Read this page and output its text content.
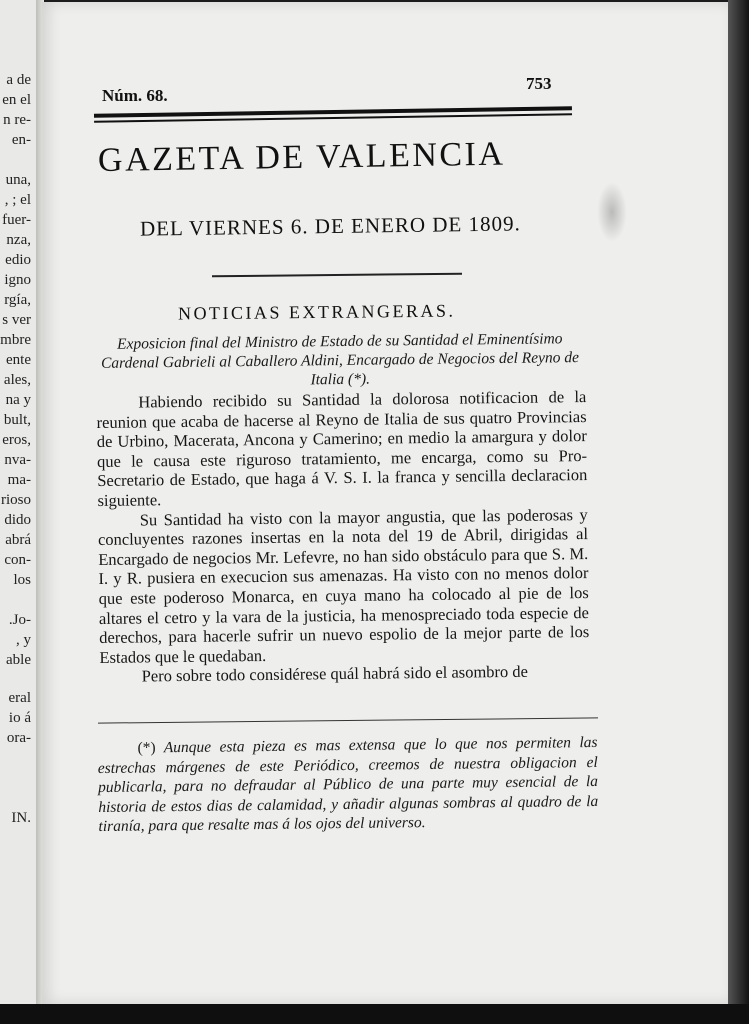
a de
en el
n re-
en-
una,
, ; el
fuer-
nza,
edio
igno
rgía,
s ver
mbre
ente
ales,
na y
bult,
eros,
nva-
ma-
rioso
dido
abrá
con-
los
.Jo-
, y
able
eral
io á
ora-
IN.
Núm. 68.
753
GAZETA DE VALENCIA
DEL VIERNES 6. DE ENERO DE 1809.
NOTICIAS EXTRANGERAS.
Exposicion final del Ministro de Estado de su Santidad el Eminentísimo Cardenal Gabrieli al Caballero Aldini, Encargado de Negocios del Reyno de Italia (*).

Habiendo recibido su Santidad la dolorosa notificacion de la reunion que acaba de hacerse al Reyno de Italia de sus quatro Provincias de Urbino, Macerata, Ancona y Camerino; en medio la amargura y dolor que le causa este riguroso tratamiento, me encarga, como su Pro-Secretario de Estado, que haga á V. S. I. la franca y sencilla declaracion siguiente.

Su Santidad ha visto con la mayor angustia, que las poderosas y concluyentes razones insertas en la nota del 19 de Abril, dirigidas al Encargado de negocios Mr. Lefevre, no han sido obstáculo para que S. M. I. y R. pusiera en execucion sus amenazas. Ha visto con no menos dolor que este poderoso Monarca, en cuya mano ha colocado al pie de los altares el cetro y la vara de la justicia, ha menospreciado toda especie de derechos, para hacerle sufrir un nuevo espolio de la mejor parte de los Estados que le quedaban.

Pero sobre todo considérese quál habrá sido el asombro de

(*) Aunque esta pieza es mas extensa que lo que nos permiten las estrechas márgenes de este Periódico, creemos de nuestra obligacion el publicarla, para no defraudar al Público de una parte muy esencial de la historia de estos dias de calamidad, y añadir algunas sombras al quadro de la tiranía, para que resalte mas á los ojos del universo.
